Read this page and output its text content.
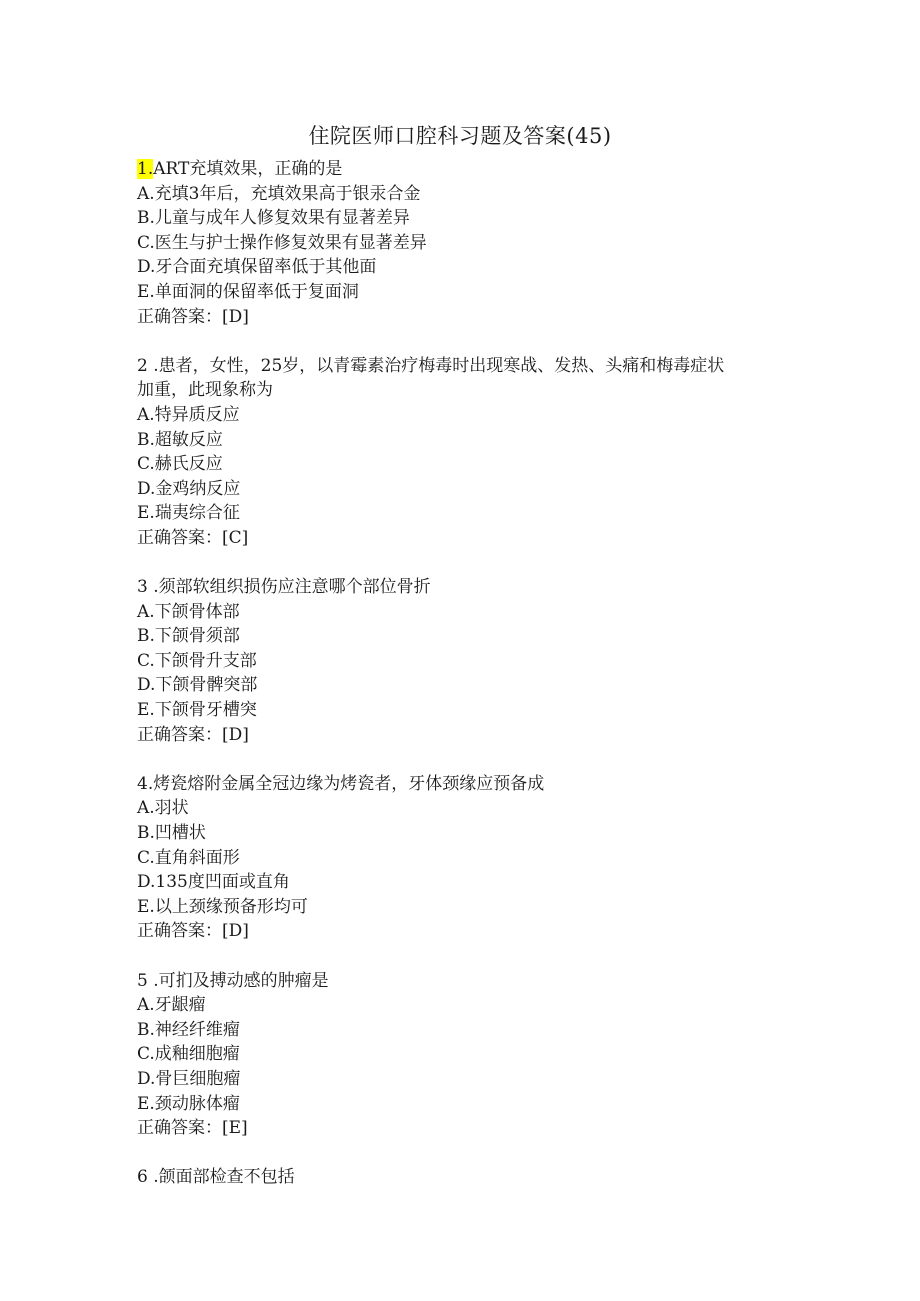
住院医师口腔科习题及答案(45)
1.ART充填效果，正确的是
A.充填3年后，充填效果高于银汞合金
B.儿童与成年人修复效果有显著差异
C.医生与护士操作修复效果有显著差异
D.牙合面充填保留率低于其他面
E.单面洞的保留率低于复面洞
正确答案：[D]
2 .患者，女性，25岁，以青霉素治疗梅毒时出现寒战、发热、头痛和梅毒症状
加重，此现象称为
A.特异质反应
B.超敏反应
C.赫氏反应
D.金鸡纳反应
E.瑞夷综合征
正确答案：[C]
3 .须部软组织损伤应注意哪个部位骨折
A.下颌骨体部
B.下颌骨须部
C.下颌骨升支部
D.下颌骨髀突部
E.下颌骨牙槽突
正确答案：[D]
4.烤瓷熔附金属全冠边缘为烤瓷者，牙体颈缘应预备成
A.羽状
B.凹槽状
C.直角斜面形
D.135度凹面或直角
E.以上颈缘预备形均可
正确答案：[D]
5 .可扪及搏动感的肿瘤是
A.牙龈瘤
B.神经纤维瘤
C.成釉细胞瘤
D.骨巨细胞瘤
E.颈动脉体瘤
正确答案：[E]
6 .颌面部检查不包括
